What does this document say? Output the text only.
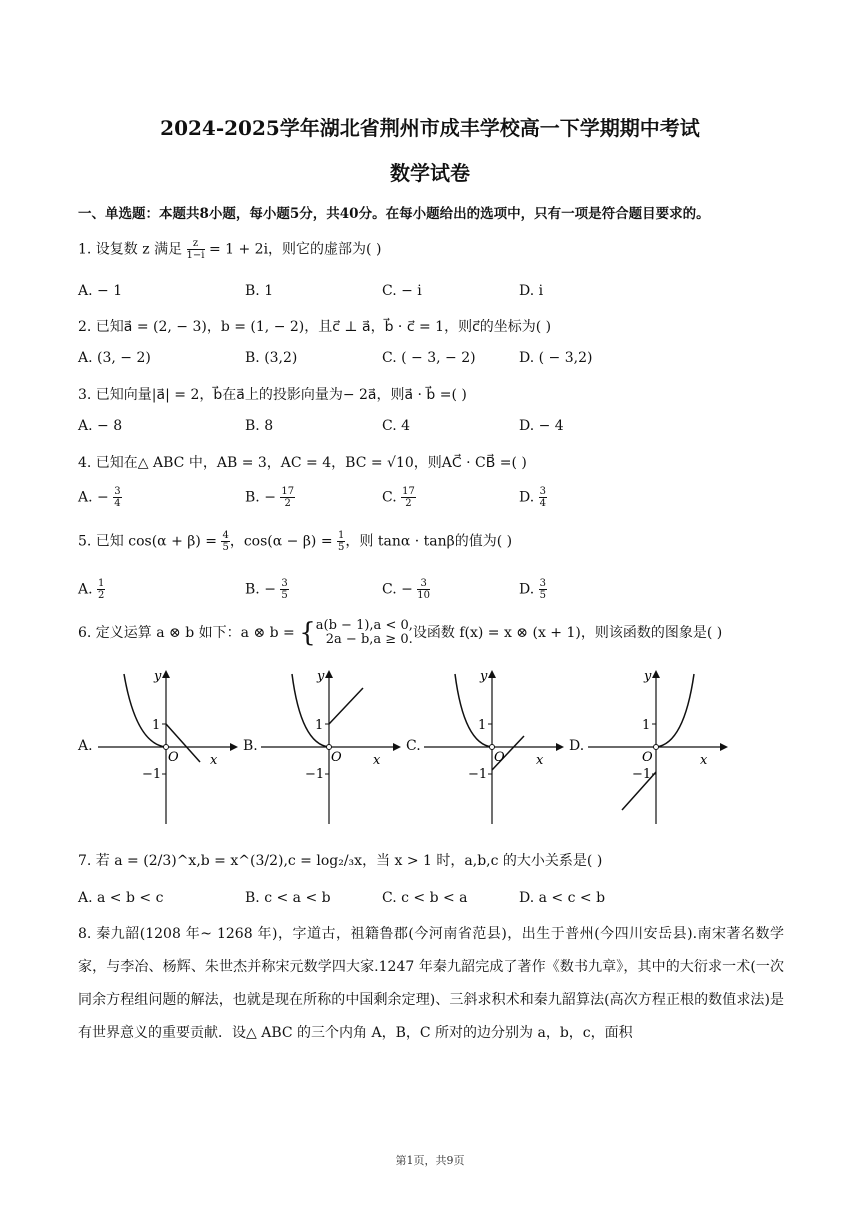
2024-2025学年湖北省荆州市成丰学校高一下学期期中考试
数学试卷
一、单选题：本题共8小题，每小题5分，共40分。在每小题给出的选项中，只有一项是符合题目要求的。
1. 设复数 z 满足 $\frac{z}{1-i} = 1 + 2i$，则它的虚部为( )
A. − 1	B. 1	C. − i	D. i
2. 已知a⃗ = (2, − 3)，b = (1, − 2)，且c⃗ ⊥ a⃗，b⃗ · c⃗ = 1，则c⃗的坐标为( )
A. (3, − 2)	B. (3,2)	C. ( − 3, − 2)	D. ( − 3,2)
3. 已知向量|a⃗| = 2，b⃗在a⃗上的投影向量为− 2a⃗，则a⃗ · b⃗ =( )
A. − 8	B. 8	C. 4	D. − 4
4. 已知在△ ABC 中，AB = 3，AC = 4，BC = √10，则AC⃗ · CB⃗ =( )
A. − $\frac{3}{4}$	B. − $\frac{17}{2}$	C. $\frac{17}{2}$	D. $\frac{3}{4}$
5. 已知 $\cos(\alpha + \beta) = \frac{4}{5}$ ，$\cos(\alpha - \beta) = \frac{1}{5}$ ，则 tanα · tanβ的值为( )
A. $\frac{1}{2}$	B. − $\frac{3}{5}$	C. − $\frac{3}{10}$	D. $\frac{3}{5}$
6. 定义运算 a ⊗ b 如下：a ⊗ b = { a(b − 1),a < 0,
2a − b,a ≥ 0. 设函数 f(x) = x ⊗ (x + 1)，则该函数的图象是( )
A.
y
x
O
1
−1
B.
y
x
O
1
−1
C.
y
x
O
1
−1
D.
y
x
O
1
−1
7. 若 a = (2/3)^x,b = x^(3/2),c = log₂/₃x，当 x > 1 时，a,b,c 的大小关系是( )
A. a < b < c	B. c < a < b	C. c < b < a	D. a < c < b
8. 秦九韶(1208 年~ 1268 年)，字道古，祖籍鲁郡(今河南省范县)，出生于普州(今四川安岳县).南宋著名数学家，与李冶、杨辉、朱世杰并称宋元数学四大家.1247 年秦九韶完成了著作《数书九章》，其中的大衍求一术(一次同余方程组问题的解法，也就是现在所称的中国剩余定理)、三斜求积术和秦九韶算法(高次方程正根的数值求法)是有世界意义的重要贡献．设△ ABC 的三个内角 A，B，C 所对的边分别为 a，b，c，面积
第1页，共9页
